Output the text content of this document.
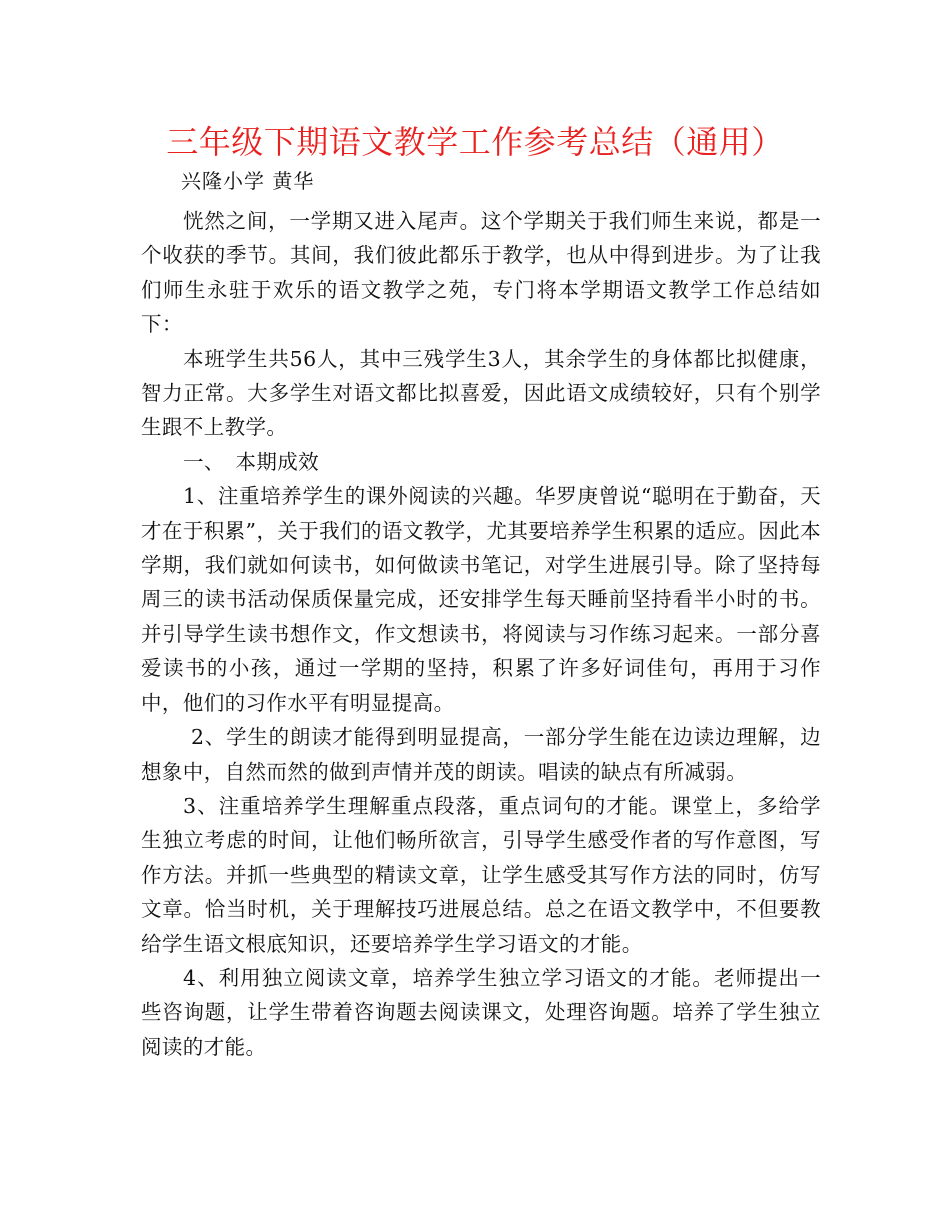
三年级下期语文教学工作参考总结（通用）
兴隆小学 黄华

恍然之间，一学期又进入尾声。这个学期关于我们师生来说，都是一个收获的季节。其间，我们彼此都乐于教学，也从中得到进步。为了让我们师生永驻于欢乐的语文教学之苑，专门将本学期语文教学工作总结如下：

本班学生共56人，其中三残学生3人，其余学生的身体都比拟健康，智力正常。大多学生对语文都比拟喜爱，因此语文成绩较好，只有个别学生跟不上教学。

一、　本期成效

1、注重培养学生的课外阅读的兴趣。华罗庚曾说“聪明在于勤奋，天才在于积累”，关于我们的语文教学，尤其要培养学生积累的适应。因此本学期，我们就如何读书，如何做读书笔记，对学生进展引导。除了坚持每周三的读书活动保质保量完成，还安排学生每天睡前坚持看半小时的书。并引导学生读书想作文，作文想读书，将阅读与习作练习起来。一部分喜爱读书的小孩，通过一学期的坚持，积累了许多好词佳句，再用于习作中，他们的习作水平有明显提高。

2、学生的朗读才能得到明显提高，一部分学生能在边读边理解，边想象中，自然而然的做到声情并茂的朗读。唱读的缺点有所减弱。

3、注重培养学生理解重点段落，重点词句的才能。课堂上，多给学生独立考虑的时间，让他们畅所欲言，引导学生感受作者的写作意图，写作方法。并抓一些典型的精读文章，让学生感受其写作方法的同时，仿写文章。恰当时机，关于理解技巧进展总结。总之在语文教学中，不但要教给学生语文根底知识，还要培养学生学习语文的才能。

4、利用独立阅读文章，培养学生独立学习语文的才能。老师提出一些咨询题，让学生带着咨询题去阅读课文，处理咨询题。培养了学生独立阅读的才能。
